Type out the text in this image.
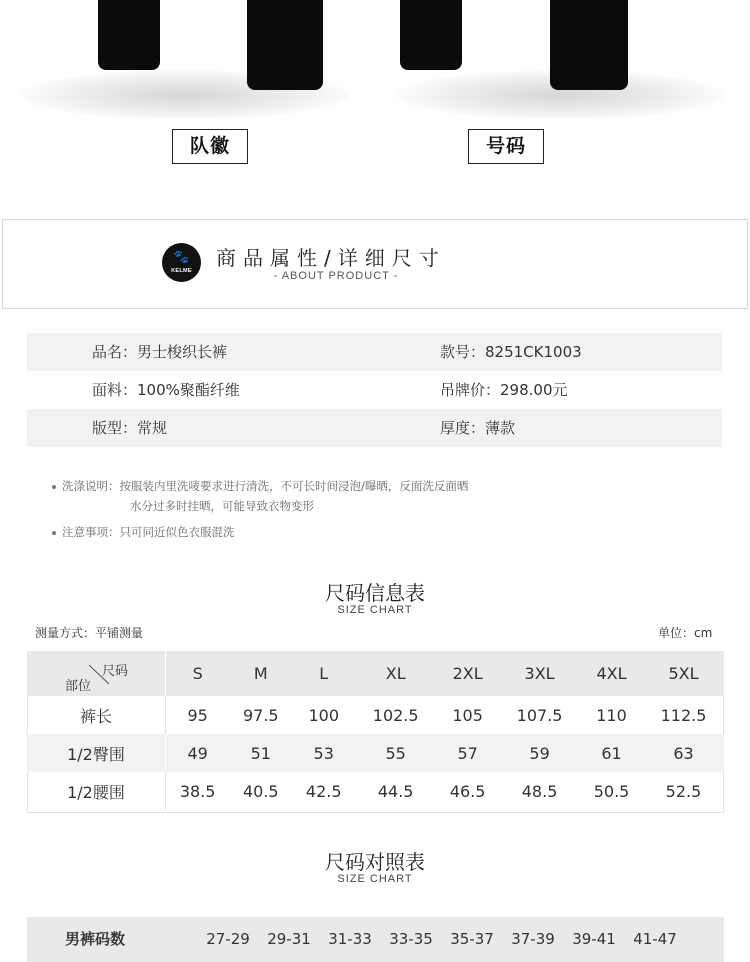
队徽	号码
🐾
KELME
商品属性/详细尺寸
- ABOUT PRODUCT -
品名：男士梭织长裤	款号：8251CK1003
面料：100%聚酯纤维	吊牌价：298.00元
版型：常规	厚度：薄款
洗涤说明：按服装内里洗唛要求进行清洗，不可长时间浸泡/曝晒，反面洗反面晒
水分过多时挂晒，可能导致衣物变形
注意事项：只可同近似色衣服混洗
尺码信息表
SIZE CHART
测量方式：平铺测量	单位：cm
部位
尺码	S	M	L	XL	2XL	3XL	4XL	5XL
裤长	95	97.5	100	102.5	105	107.5	110	112.5
1/2臀围	49	51	53	55	57	59	61	63
1/2腰围	38.5	40.5	42.5	44.5	46.5	48.5	50.5	52.5
尺码对照表
SIZE CHART
男裤码数	27-29	29-31	31-33	33-35	35-37	37-39	39-41	41-47
